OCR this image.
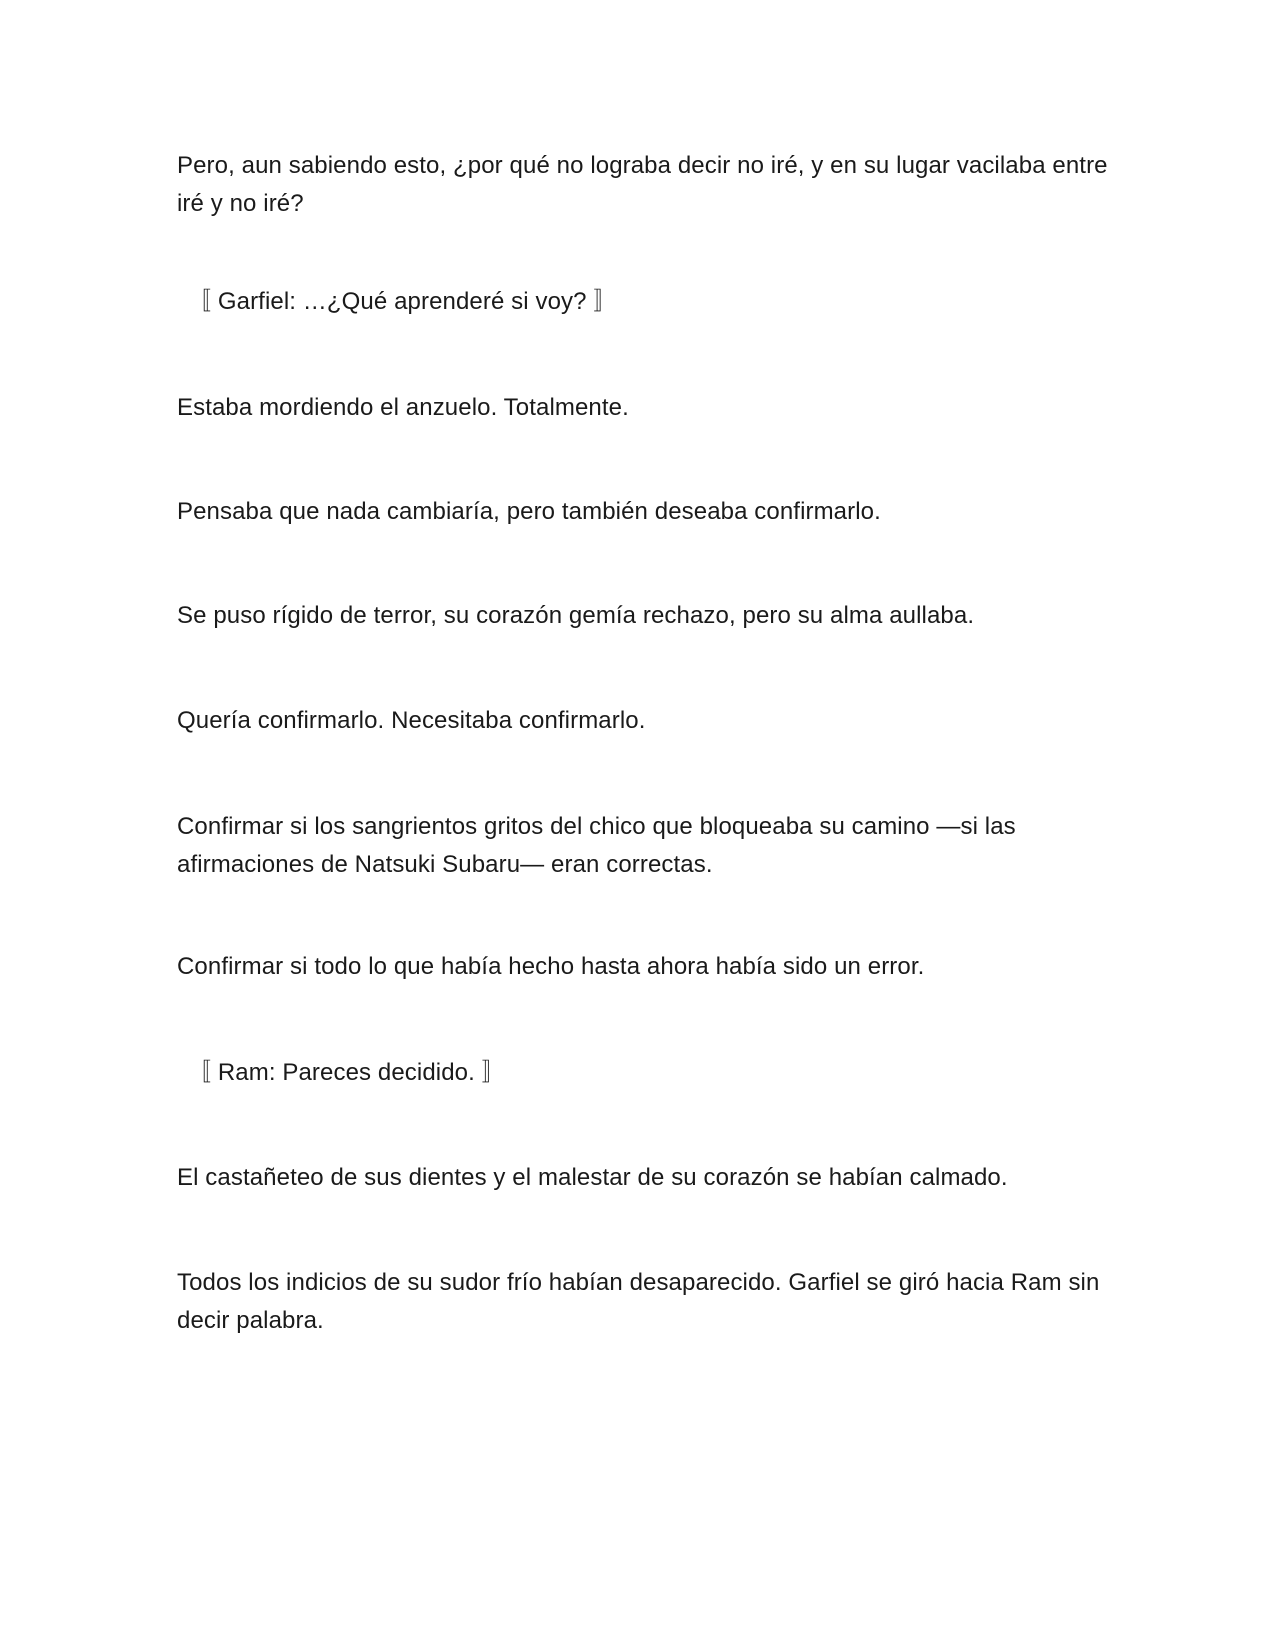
Pero, aun sabiendo esto, ¿por qué no lograba decir no iré, y en su lugar vacilaba entre iré y no iré?

〚 Garfiel: …¿Qué aprenderé si voy? 〛

Estaba mordiendo el anzuelo. Totalmente.

Pensaba que nada cambiaría, pero también deseaba confirmarlo.

Se puso rígido de terror, su corazón gemía rechazo, pero su alma aullaba.

Quería confirmarlo. Necesitaba confirmarlo.

Confirmar si los sangrientos gritos del chico que bloqueaba su camino —si las afirmaciones de Natsuki Subaru— eran correctas.

Confirmar si todo lo que había hecho hasta ahora había sido un error.

〚 Ram: Pareces decidido. 〛

El castañeteo de sus dientes y el malestar de su corazón se habían calmado.

Todos los indicios de su sudor frío habían desaparecido. Garfiel se giró hacia Ram sin decir palabra.
